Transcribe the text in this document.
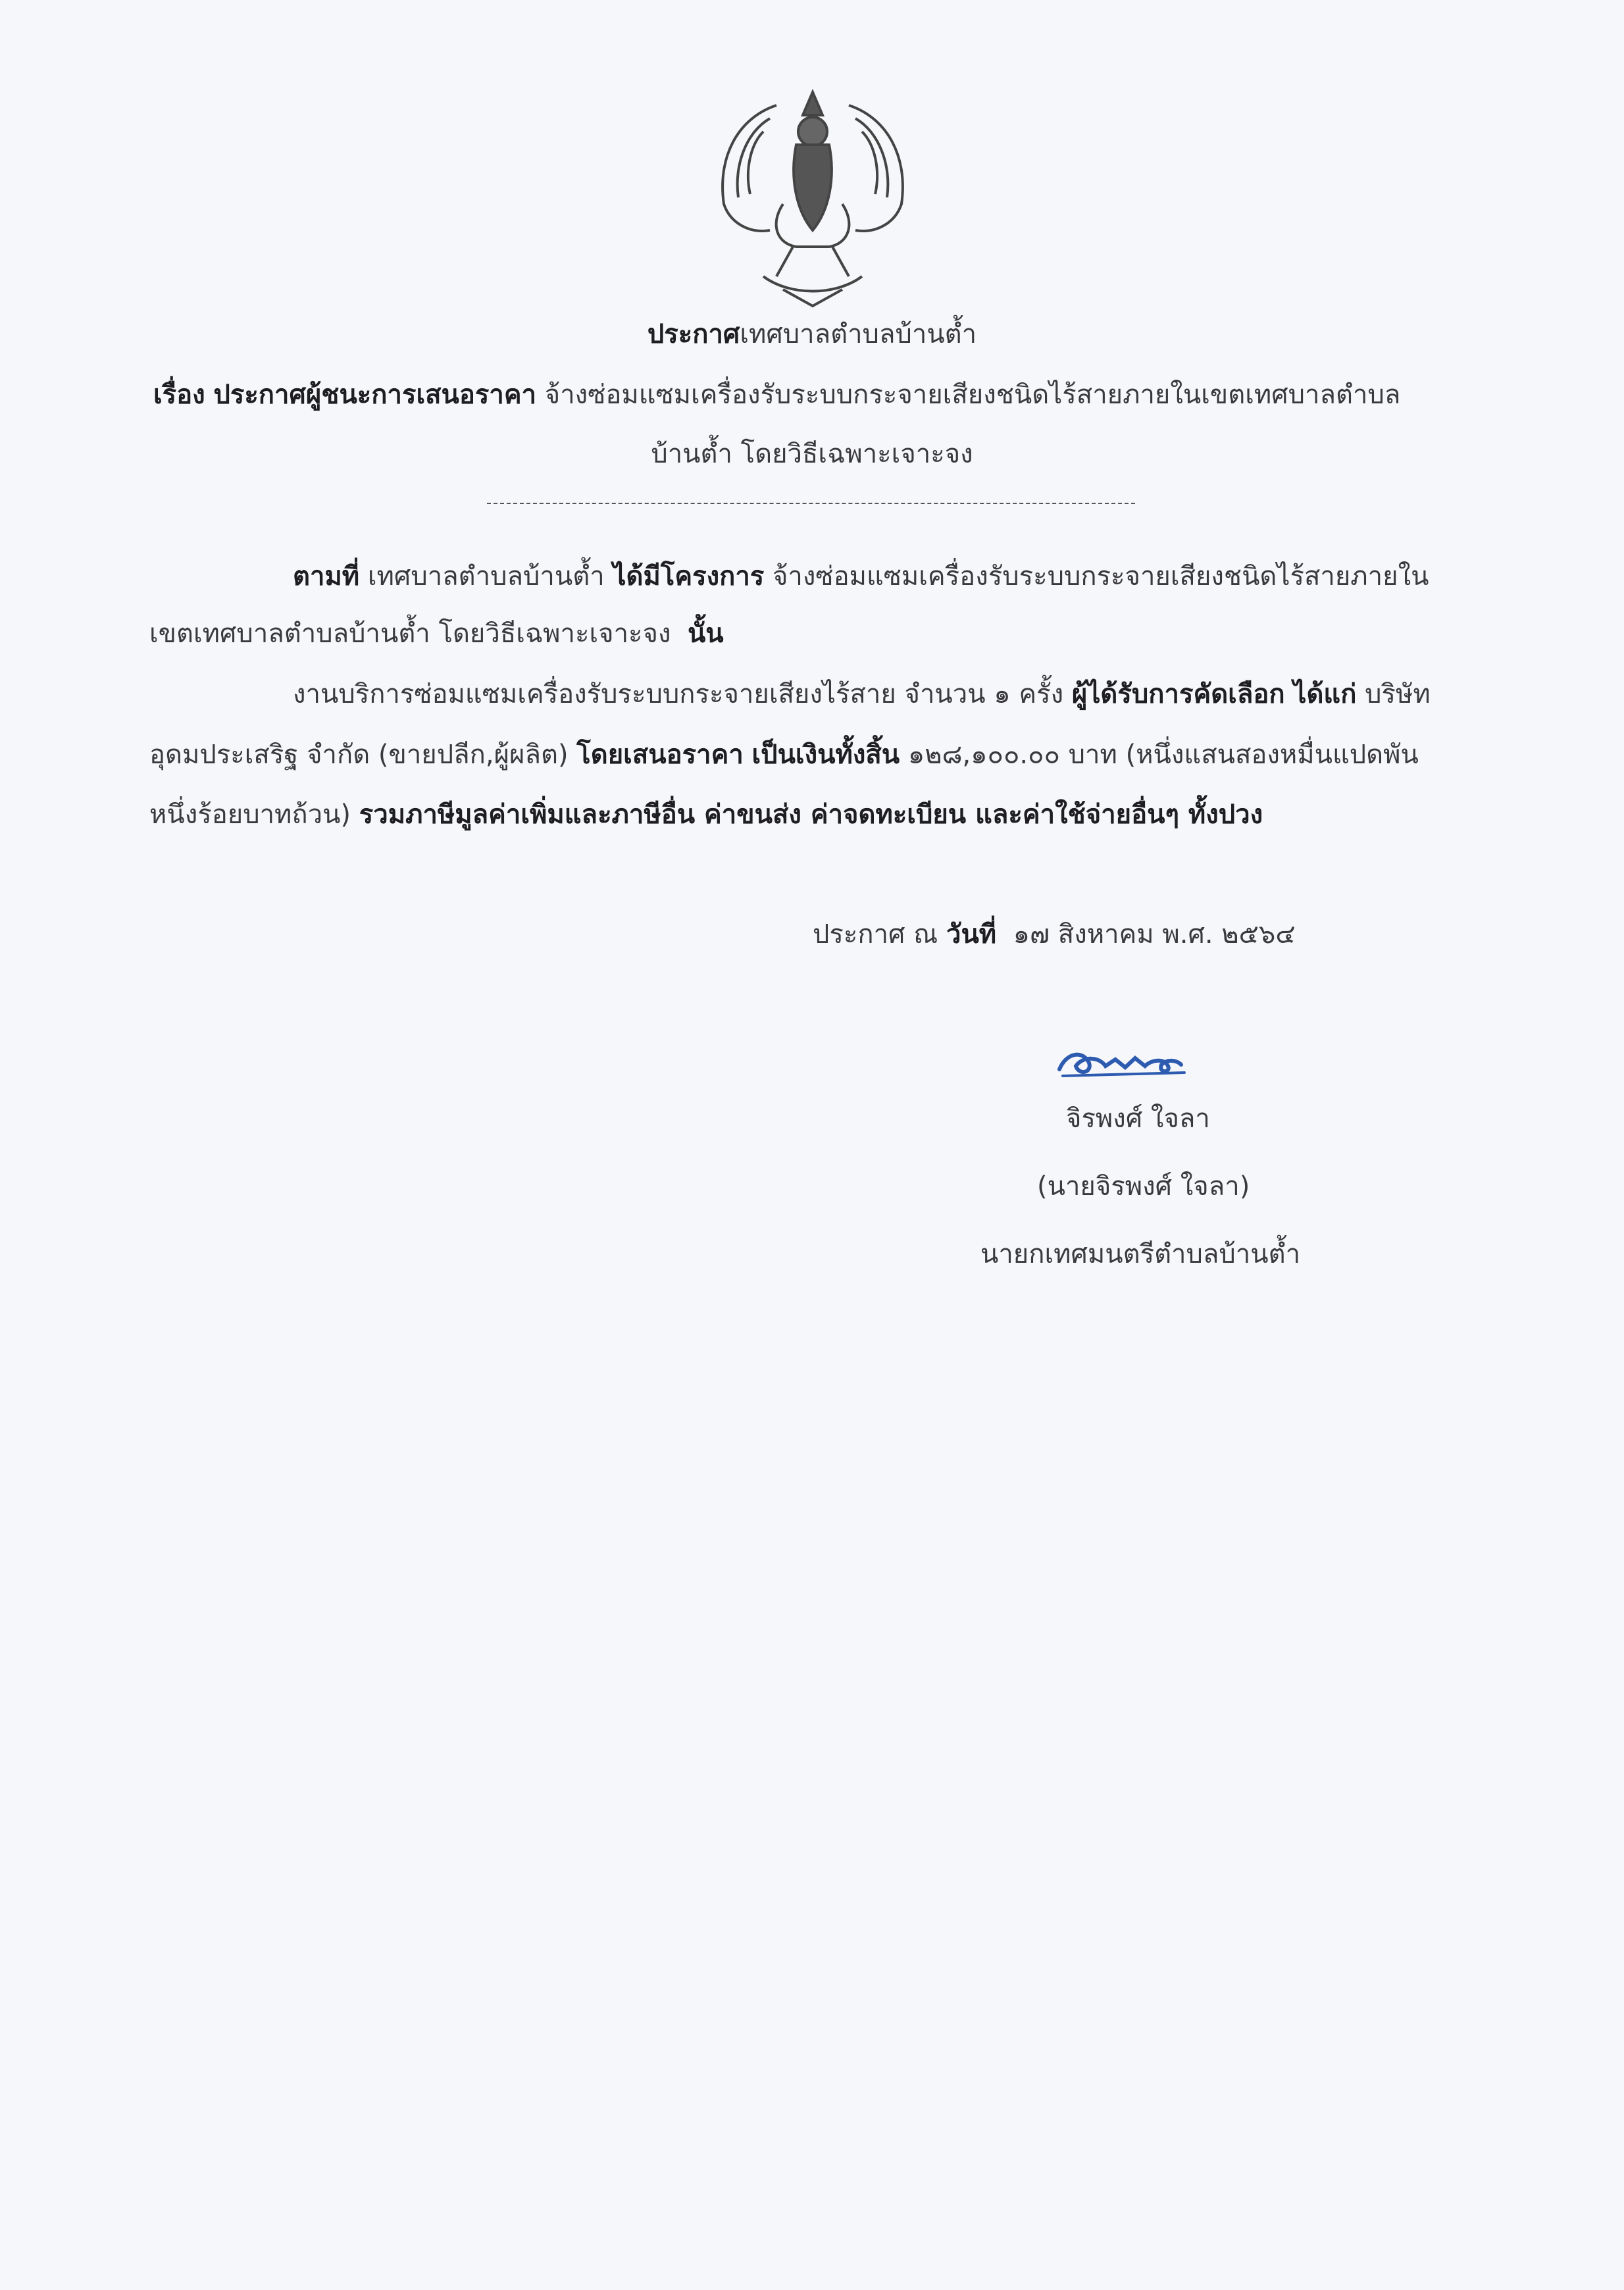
ประกาศเทศบาลตำบลบ้านต้ำ
เรื่อง ประกาศผู้ชนะการเสนอราคา จ้างซ่อมแซมเครื่องรับระบบกระจายเสียงชนิดไร้สายภายในเขตเทศบาลตำบล
บ้านต้ำ โดยวิธีเฉพาะเจาะจง
ตามที่ เทศบาลตำบลบ้านต้ำ ได้มีโครงการ จ้างซ่อมแซมเครื่องรับระบบกระจายเสียงชนิดไร้สายภายใน
เขตเทศบาลตำบลบ้านต้ำ โดยวิธีเฉพาะเจาะจง นั้น
งานบริการซ่อมแซมเครื่องรับระบบกระจายเสียงไร้สาย จำนวน ๑ ครั้ง ผู้ได้รับการคัดเลือก ได้แก่ บริษัท
อุดมประเสริฐ จำกัด (ขายปลีก,ผู้ผลิต) โดยเสนอราคา เป็นเงินทั้งสิ้น ๑๒๘,๑๐๐.๐๐ บาท (หนึ่งแสนสองหมื่นแปดพัน
หนึ่งร้อยบาทถ้วน) รวมภาษีมูลค่าเพิ่มและภาษีอื่น ค่าขนส่ง ค่าจดทะเบียน และค่าใช้จ่ายอื่นๆ ทั้งปวง
ประกาศ ณ วันที่ ๑๗ สิงหาคม พ.ศ. ๒๕๖๔
จิรพงศ์ ใจลา
(นายจิรพงศ์ ใจลา)
นายกเทศมนตรีตำบลบ้านต้ำ
